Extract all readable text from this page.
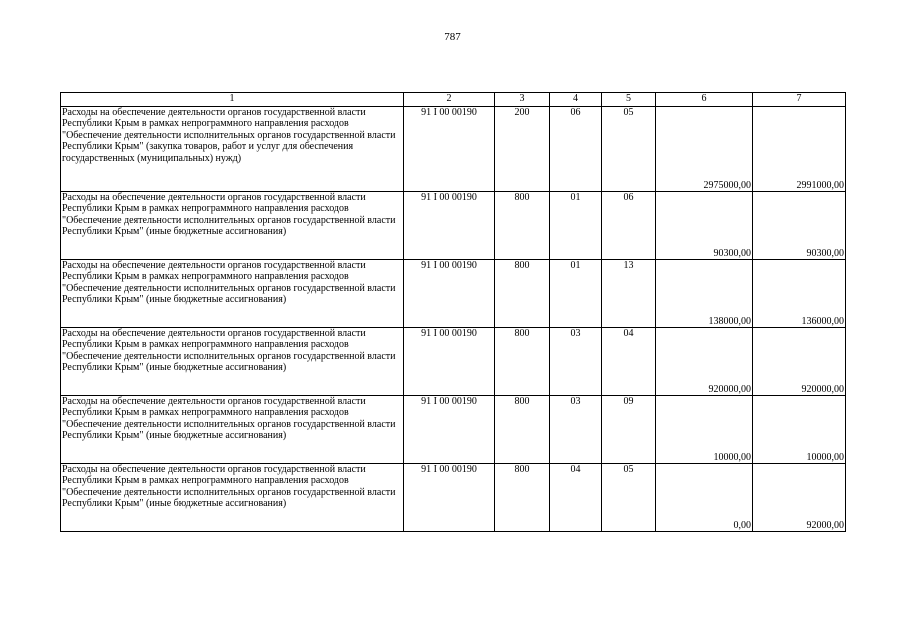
787
1	2	3	4	5	6	7
Расходы на обеспечение деятельности органов государственной власти Республики Крым в рамках непрограммного направления расходов "Обеспечение деятельности исполнительных органов государственной власти Республики Крым" (закупка товаров, работ и услуг для обеспечения государственных (муниципальных) нужд)	91 I 00 00190	200	06	05	2975000,00	2991000,00
Расходы на обеспечение деятельности органов государственной власти Республики Крым в рамках непрограммного направления расходов "Обеспечение деятельности исполнительных органов государственной власти Республики Крым" (иные бюджетные ассигнования)	91 I 00 00190	800	01	06	90300,00	90300,00
Расходы на обеспечение деятельности органов государственной власти Республики Крым в рамках непрограммного направления расходов "Обеспечение деятельности исполнительных органов государственной власти Республики Крым" (иные бюджетные ассигнования)	91 I 00 00190	800	01	13	138000,00	136000,00
Расходы на обеспечение деятельности органов государственной власти Республики Крым в рамках непрограммного направления расходов "Обеспечение деятельности исполнительных органов государственной власти Республики Крым" (иные бюджетные ассигнования)	91 I 00 00190	800	03	04	920000,00	920000,00
Расходы на обеспечение деятельности органов государственной власти Республики Крым в рамках непрограммного направления расходов "Обеспечение деятельности исполнительных органов государственной власти Республики Крым" (иные бюджетные ассигнования)	91 I 00 00190	800	03	09	10000,00	10000,00
Расходы на обеспечение деятельности органов государственной власти Республики Крым в рамках непрограммного направления расходов "Обеспечение деятельности исполнительных органов государственной власти Республики Крым" (иные бюджетные ассигнования)	91 I 00 00190	800	04	05	0,00	92000,00
